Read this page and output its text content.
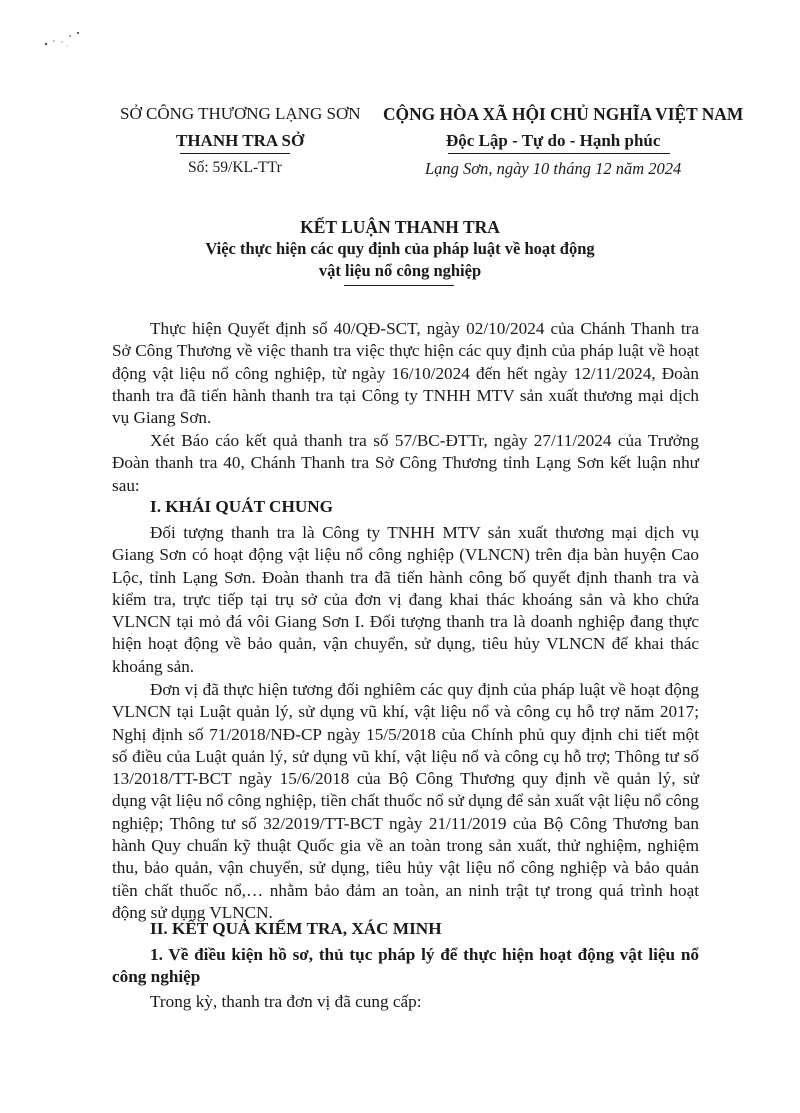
SỞ CÔNG THƯƠNG LẠNG SƠN
THANH TRA SỞ
Số: 59/KL-TTr
CỘNG HÒA XÃ HỘI CHỦ NGHĨA VIỆT NAM
Độc Lập - Tự do - Hạnh phúc
Lạng Sơn, ngày 10 tháng 12 năm 2024
KẾT LUẬN THANH TRA
Việc thực hiện các quy định của pháp luật về hoạt động
vật liệu nổ công nghiệp
Thực hiện Quyết định số 40/QĐ-SCT, ngày 02/10/2024 của Chánh Thanh tra Sở Công Thương về việc thanh tra việc thực hiện các quy định của pháp luật về hoạt động vật liệu nổ công nghiệp, từ ngày 16/10/2024 đến hết ngày 12/11/2024, Đoàn thanh tra đã tiến hành thanh tra tại Công ty TNHH MTV sản xuất thương mại dịch vụ Giang Sơn.
Xét Báo cáo kết quả thanh tra số 57/BC-ĐTTr, ngày 27/11/2024 của Trưởng Đoàn thanh tra 40, Chánh Thanh tra Sở Công Thương tỉnh Lạng Sơn kết luận như sau:
I. KHÁI QUÁT CHUNG
Đối tượng thanh tra là Công ty TNHH MTV sản xuất thương mại dịch vụ Giang Sơn có hoạt động vật liệu nổ công nghiệp (VLNCN) trên địa bàn huyện Cao Lộc, tỉnh Lạng Sơn. Đoàn thanh tra đã tiến hành công bố quyết định thanh tra và kiểm tra, trực tiếp tại trụ sở của đơn vị đang khai thác khoáng sản và kho chứa VLNCN tại mỏ đá vôi Giang Sơn I. Đối tượng thanh tra là doanh nghiệp đang thực hiện hoạt động về bảo quản, vận chuyển, sử dụng, tiêu hủy VLNCN để khai thác khoáng sản.
Đơn vị đã thực hiện tương đối nghiêm các quy định của pháp luật về hoạt động VLNCN tại Luật quản lý, sử dụng vũ khí, vật liệu nổ và công cụ hỗ trợ năm 2017; Nghị định số 71/2018/NĐ-CP ngày 15/5/2018 của Chính phủ quy định chi tiết một số điều của Luật quản lý, sử dụng vũ khí, vật liệu nổ và công cụ hỗ trợ; Thông tư số 13/2018/TT-BCT ngày 15/6/2018 của Bộ Công Thương quy định về quản lý, sử dụng vật liệu nổ công nghiệp, tiền chất thuốc nổ sử dụng để sản xuất vật liệu nổ công nghiệp; Thông tư số 32/2019/TT-BCT ngày 21/11/2019 của Bộ Công Thương ban hành Quy chuẩn kỹ thuật Quốc gia về an toàn trong sản xuất, thử nghiệm, nghiệm thu, bảo quản, vận chuyển, sử dụng, tiêu hủy vật liệu nổ công nghiệp và bảo quản tiền chất thuốc nổ,… nhằm bảo đảm an toàn, an ninh trật tự trong quá trình hoạt động sử dụng VLNCN.
II. KẾT QUẢ KIỂM TRA, XÁC MINH
1. Về điều kiện hồ sơ, thủ tục pháp lý để thực hiện hoạt động vật liệu nổ công nghiệp
Trong kỳ, thanh tra đơn vị đã cung cấp:
